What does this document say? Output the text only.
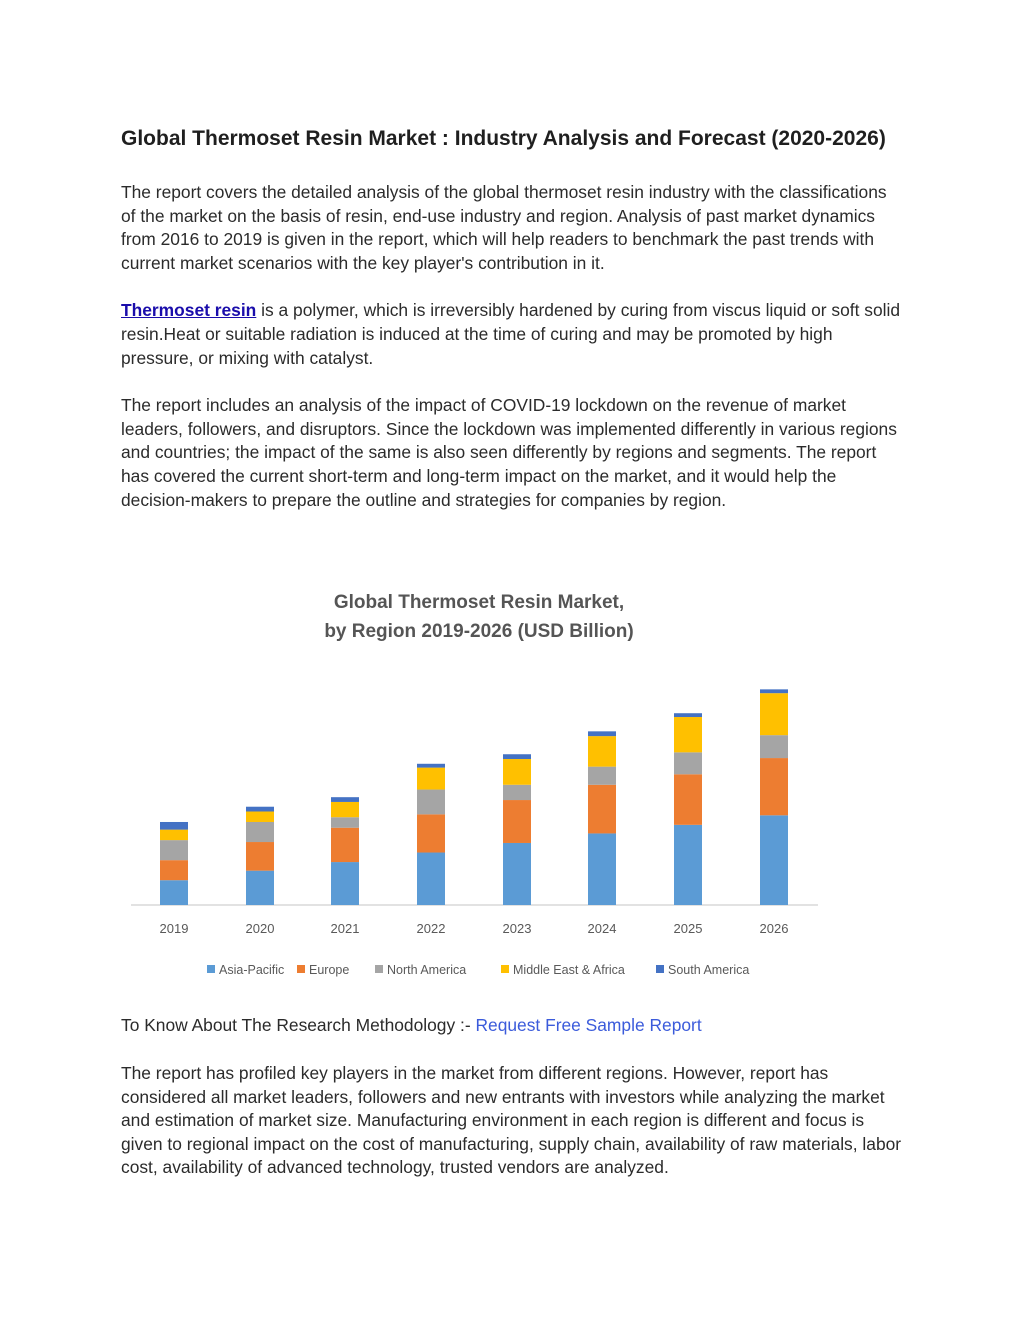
Global Thermoset Resin Market : Industry Analysis and Forecast (2020-2026)

The report covers the detailed analysis of the global thermoset resin industry with the classifications of the market on the basis of resin, end-use industry and region. Analysis of past market dynamics from 2016 to 2019 is given in the report, which will help readers to benchmark the past trends with current market scenarios with the key player's contribution in it.

Thermoset resin is a polymer, which is irreversibly hardened by curing from viscus liquid or soft solid resin.Heat or suitable radiation is induced at the time of curing and may be promoted by high pressure, or mixing with catalyst.

The report includes an analysis of the impact of COVID-19 lockdown on the revenue of market leaders, followers, and disruptors. Since the lockdown was implemented differently in various regions and countries; the impact of the same is also seen differently by regions and segments. The report has covered the current short-term and long-term impact on the market, and it would help the decision-makers to prepare the outline and strategies for companies by region.

Global Thermoset Resin Market,
by Region 2019-2026 (USD Billion)
2019	2020	2021	2022	2023	2024	2025	2026
Asia-Pacific Europe	North America	Middle East & Africa	South America

To Know About The Research Methodology :- Request Free Sample Report

The report has profiled key players in the market from different regions. However, report has considered all market leaders, followers and new entrants with investors while analyzing the market and estimation of market size. Manufacturing environment in each region is different and focus is given to regional impact on the cost of manufacturing, supply chain, availability of raw materials, labor cost, availability of advanced technology, trusted vendors are analyzed.
